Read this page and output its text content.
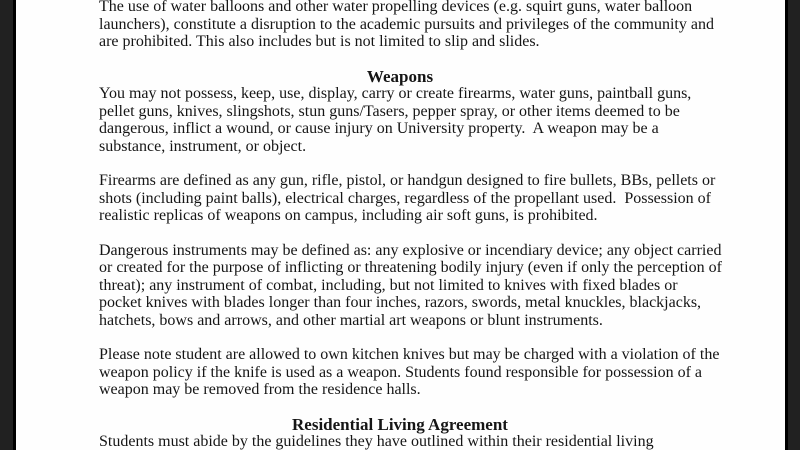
The use of water balloons and other water propelling devices (e.g. squirt guns, water balloon
launchers), constitute a disruption to the academic pursuits and privileges of the community and
are prohibited. This also includes but is not limited to slip and slides.
Weapons
You may not possess, keep, use, display, carry or create firearms, water guns, paintball guns,
pellet guns, knives, slingshots, stun guns/Tasers, pepper spray, or other items deemed to be
dangerous, inflict a wound, or cause injury on University property.  A weapon may be a
substance, instrument, or object.
Firearms are defined as any gun, rifle, pistol, or handgun designed to fire bullets, BBs, pellets or
shots (including paint balls), electrical charges, regardless of the propellant used.  Possession of
realistic replicas of weapons on campus, including air soft guns, is prohibited.
Dangerous instruments may be defined as: any explosive or incendiary device; any object carried
or created for the purpose of inflicting or threatening bodily injury (even if only the perception of
threat); any instrument of combat, including, but not limited to knives with fixed blades or
pocket knives with blades longer than four inches, razors, swords, metal knuckles, blackjacks,
hatchets, bows and arrows, and other martial art weapons or blunt instruments.
Please note student are allowed to own kitchen knives but may be charged with a violation of the
weapon policy if the knife is used as a weapon. Students found responsible for possession of a
weapon may be removed from the residence halls.
Residential Living Agreement
Students must abide by the guidelines they have outlined within their residential living
